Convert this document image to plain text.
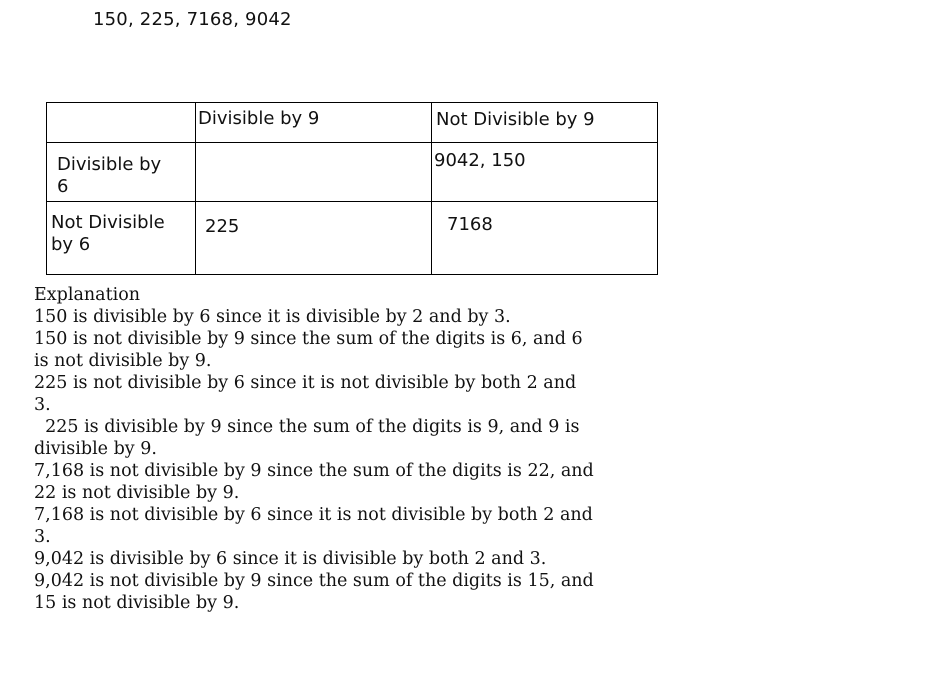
150, 225, 7168, 9042
Divisible by 9	Not Divisible by 9
Divisible by
6
9042, 150
Not Divisible
by 6
225	7168
Explanation
150 is divisible by 6 since it is divisible by 2 and by 3.
150 is not divisible by 9 since the sum of the digits is 6, and 6
is not divisible by 9.
225 is not divisible by 6 since it is not divisible by both 2 and
3.
225 is divisible by 9 since the sum of the digits is 9, and 9 is
divisible by 9.
7,168 is not divisible by 9 since the sum of the digits is 22, and
22 is not divisible by 9.
7,168 is not divisible by 6 since it is not divisible by both 2 and
3.
9,042 is divisible by 6 since it is divisible by both 2 and 3.
9,042 is not divisible by 9 since the sum of the digits is 15, and
15 is not divisible by 9.
